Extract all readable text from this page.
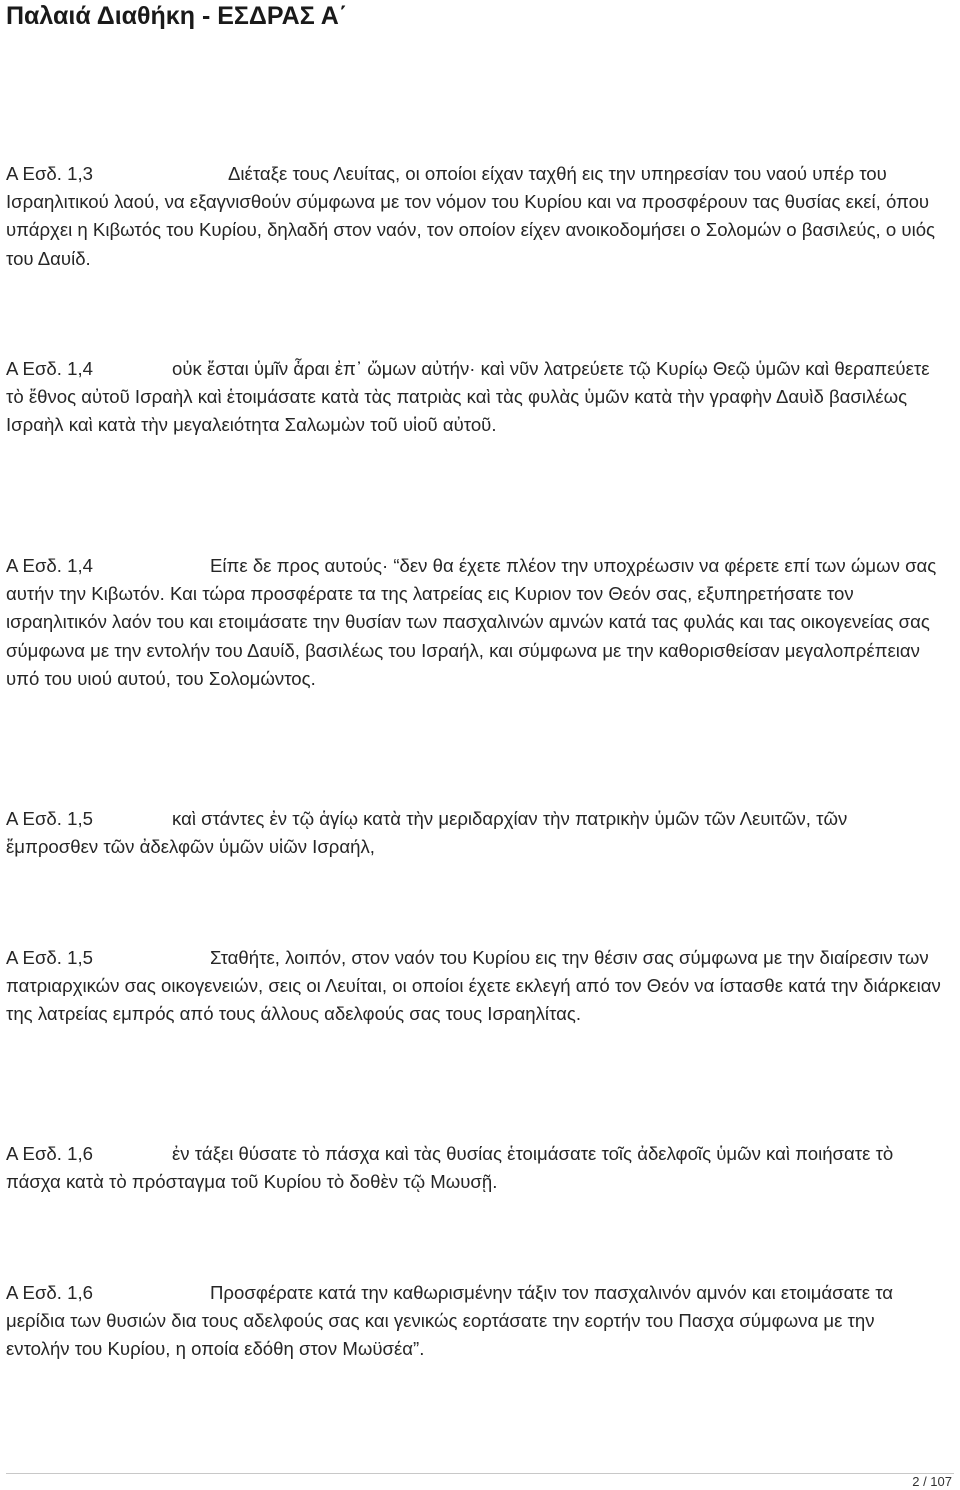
Παλαιά Διαθήκη - ΕΣΔΡΑΣ Α΄

Α Εσδ. 1,3	Διέταξε τους Λευίτας, οι οποίοι είχαν ταχθή εις την υπηρεσίαν του ναού υπέρ του Ισραηλιτικού λαού, να εξαγνισθούν σύμφωνα με τον νόμον του Κυρίου και να προσφέρουν τας θυσίας εκεί, όπου υπάρχει η Κιβωτός του Κυρίου, δηλαδή στον ναόν, τον οποίον είχεν ανοικοδομήσει ο Σολομών ο βασιλεύς, ο υιός του Δαυίδ.

Α Εσδ. 1,4	οὐκ ἔσται ὑμῖν ἆραι ἐπ᾿ ὤμων αὐτήν· καὶ νῦν λατρεύετε τῷ Κυρίῳ Θεῷ ὑμῶν καὶ θεραπεύετε τὸ ἔθνος αὐτοῦ Ισραὴλ καὶ ἑτοιμάσατε κατὰ τὰς πατριὰς καὶ τὰς φυλὰς ὑμῶν κατὰ τὴν γραφὴν Δαυὶδ βασιλέως Ισραὴλ καὶ κατὰ τὴν μεγαλειότητα Σαλωμὼν τοῦ υἱοῦ αὐτοῦ.

Α Εσδ. 1,4	Είπε δε προς αυτούς· “δεν θα έχετε πλέον την υποχρέωσιν να φέρετε επί των ώμων σας αυτήν την Κιβωτόν. Και τώρα προσφέρατε τα της λατρείας εις Κυριον τον Θεόν σας, εξυπηρετήσατε τον ισραηλιτικόν λαόν του και ετοιμάσατε την θυσίαν των πασχαλινών αμνών κατά τας φυλάς και τας οικογενείας σας σύμφωνα με την εντολήν του Δαυίδ, βασιλέως του Ισραήλ, και σύμφωνα με την καθορισθείσαν μεγαλοπρέπειαν υπό του υιού αυτού, του Σολομώντος.

Α Εσδ. 1,5	καὶ στάντες ἐν τῷ ἁγίῳ κατὰ τὴν μεριδαρχίαν τὴν πατρικὴν ὑμῶν τῶν Λευιτῶν, τῶν ἔμπροσθεν τῶν ἀδελφῶν ὑμῶν υἱῶν Ισραήλ,

Α Εσδ. 1,5	Σταθήτε, λοιπόν, στον ναόν του Κυρίου εις την θέσιν σας σύμφωνα με την διαίρεσιν των πατριαρχικών σας οικογενειών, σεις οι Λευίται, οι οποίοι έχετε εκλεγή από τον Θεόν να ίστασθε κατά την διάρκειαν της λατρείας εμπρός από τους άλλους αδελφούς σας τους Ισραηλίτας.

Α Εσδ. 1,6	ἐν τάξει θύσατε τὸ πάσχα καὶ τὰς θυσίας ἑτοιμάσατε τοῖς ἀδελφοῖς ὑμῶν καὶ ποιήσατε τὸ πάσχα κατὰ τὸ πρόσταγμα τοῦ Κυρίου τὸ δοθὲν τῷ Μωυσῇ.

Α Εσδ. 1,6	Προσφέρατε κατά την καθωρισμένην τάξιν τον πασχαλινόν αμνόν και ετοιμάσατε τα μερίδια των θυσιών δια τους αδελφούς σας και γενικώς εορτάσατε την εορτήν του Πασχα σύμφωνα με την εντολήν του Κυρίου, η οποία εδόθη στον Μωϋσέα”.

2 / 107
